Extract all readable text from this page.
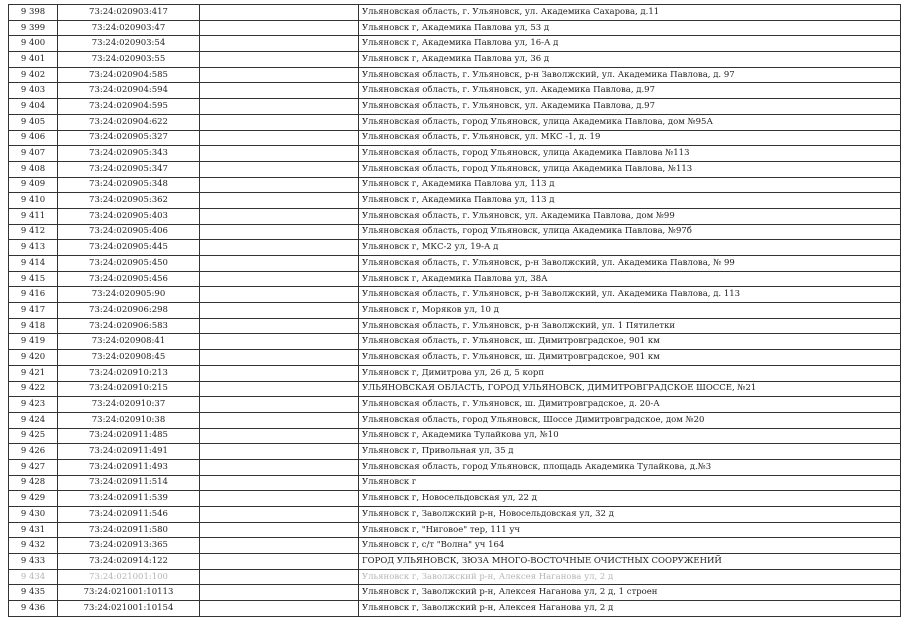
9 398	73:24:020903:417		Ульяновская область, г. Ульяновск, ул. Академика Сахарова, д.11
9 399	73:24:020903:47		Ульяновск г, Академика Павлова ул, 53 д
9 400	73:24:020903:54		Ульяновск г, Академика Павлова ул, 16-А д
9 401	73:24:020903:55		Ульяновск г, Академика Павлова ул, 36 д
9 402	73:24:020904:585		Ульяновская область, г. Ульяновск, р-н Заволжский, ул. Академика Павлова, д. 97
9 403	73:24:020904:594		Ульяновская область, г. Ульяновск, ул. Академика Павлова, д.97
9 404	73:24:020904:595		Ульяновская область, г. Ульяновск, ул. Академика Павлова, д.97
9 405	73:24:020904:622		Ульяновская область, город Ульяновск, улица Академика Павлова, дом №95А
9 406	73:24:020905:327		Ульяновская область, г. Ульяновск, ул. МКС -1, д. 19
9 407	73:24:020905:343		Ульяновская область, город Ульяновск, улица Академика Павлова №113
9 408	73:24:020905:347		Ульяновская область, город Ульяновск, улица Академика Павлова, №113
9 409	73:24:020905:348		Ульяновск г, Академика Павлова ул, 113 д
9 410	73:24:020905:362		Ульяновск г, Академика Павлова ул, 113 д
9 411	73:24:020905:403		Ульяновская область, г. Ульяновск, ул. Академика Павлова, дом №99
9 412	73:24:020905:406		Ульяновская область, город Ульяновск, улица Академика Павлова, №97б
9 413	73:24:020905:445		Ульяновск г, МКС-2 ул, 19-А д
9 414	73:24:020905:450		Ульяновская область, г. Ульяновск, р-н Заволжский, ул. Академика Павлова, № 99
9 415	73:24:020905:456		Ульяновск г, Академика Павлова ул, 38А
9 416	73:24:020905:90		Ульяновская область, г. Ульяновск, р-н Заволжский, ул. Академика Павлова, д. 113
9 417	73:24:020906:298		Ульяновск г, Моряков ул, 10 д
9 418	73:24:020906:583		Ульяновская область, г. Ульяновск, р-н Заволжский, ул. 1 Пятилетки
9 419	73:24:020908:41		Ульяновская область, г. Ульяновск, ш. Димитровградское, 901 км
9 420	73:24:020908:45		Ульяновская область, г. Ульяновск, ш. Димитровградское, 901 км
9 421	73:24:020910:213		Ульяновск г, Димитрова ул, 26 д, 5 корп
9 422	73:24:020910:215		УЛЬЯНОВСКАЯ ОБЛАСТЬ, ГОРОД УЛЬЯНОВСК, ДИМИТРОВГРАДСКОЕ ШОССЕ, №21
9 423	73:24:020910:37		Ульяновская область, г. Ульяновск, ш. Димитровградское, д. 20-А
9 424	73:24:020910:38		Ульяновская область, город Ульяновск, Шоссе Димитровградское, дом №20
9 425	73:24:020911:485		Ульяновск г, Академика Тулайкова ул, №10
9 426	73:24:020911:491		Ульяновск г, Привольная ул, 35 д
9 427	73:24:020911:493		Ульяновская область, город Ульяновск, площадь Академика Тулайкова, д.№3
9 428	73:24:020911:514		Ульяновск г
9 429	73:24:020911:539		Ульяновск г, Новосельдовская ул, 22 д
9 430	73:24:020911:546		Ульяновск г, Заволжский р-н, Новосельдовская ул, 32 д
9 431	73:24:020911:580		Ульяновск г, "Ниговое" тер, 111 уч
9 432	73:24:020913:365		Ульяновск г, с/т "Волна" уч 164
9 433	73:24:020914:122		ГОРОД УЛЬЯНОВСК, ЗЮЗА МНОГО-ВОСТОЧНЫЕ ОЧИСТНЫХ СООРУЖЕНИЙ
9 434	73:24:021001:100		Ульяновск г, Заволжский р-н, Алексея Наганова ул, 2 д
9 435	73:24:021001:10113		Ульяновск г, Заволжский р-н, Алексея Наганова ул, 2 д, 1 строен
9 436	73:24:021001:10154		Ульяновск г, Заволжский р-н, Алексея Наганова ул, 2 д
